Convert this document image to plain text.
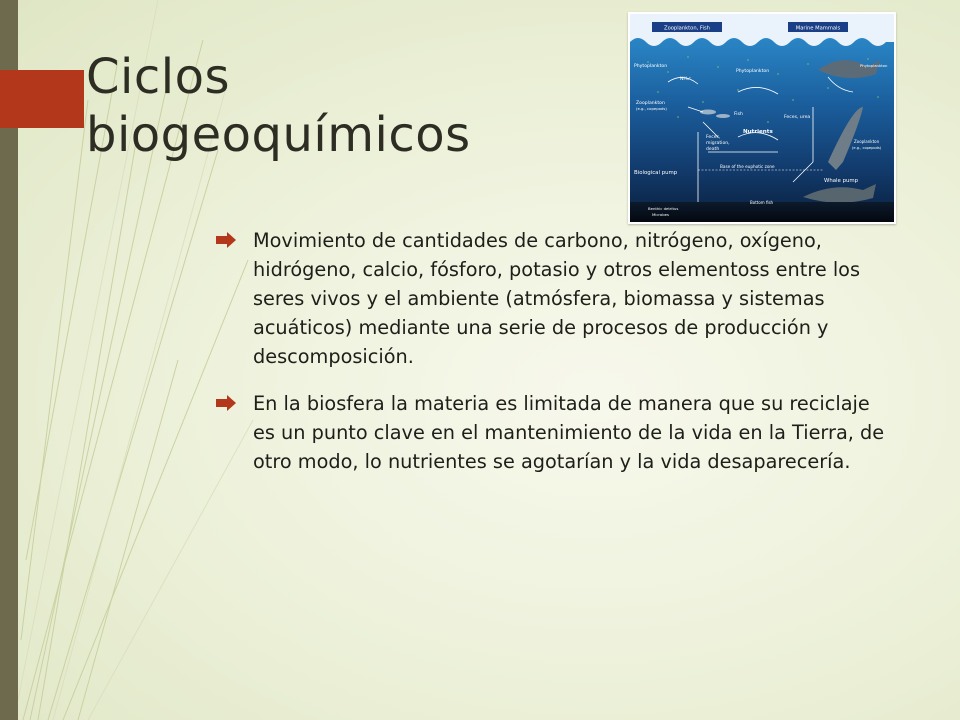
Ciclos
biogeoquímicos
Zooplankton, Fish	Marine Mammals
Phytoplankton
NH₄⁺
Phytoplankton
Phytoplankton
Zooplankton
(e.g., copepods)
Fish
Feces, urea
Nutrients
Feces,
migration,
death
Zooplankton
(e.g., copepods)
Base of the euphotic zone
Biological pump
Whale pump
Bottom fish
Benthic detritus
Microbes
Movimiento de cantidades de carbono, nitrógeno, oxígeno, hidrógeno, calcio, fósforo, potasio y otros elementoss entre los seres vivos y el ambiente (atmósfera, biomassa y sistemas acuáticos) mediante una serie de procesos de producción y descomposición.
En la biosfera la materia es limitada de manera que su reciclaje es un punto clave en el mantenimiento de la vida en la Tierra, de otro modo, lo nutrientes se agotarían y la vida desaparecería.
